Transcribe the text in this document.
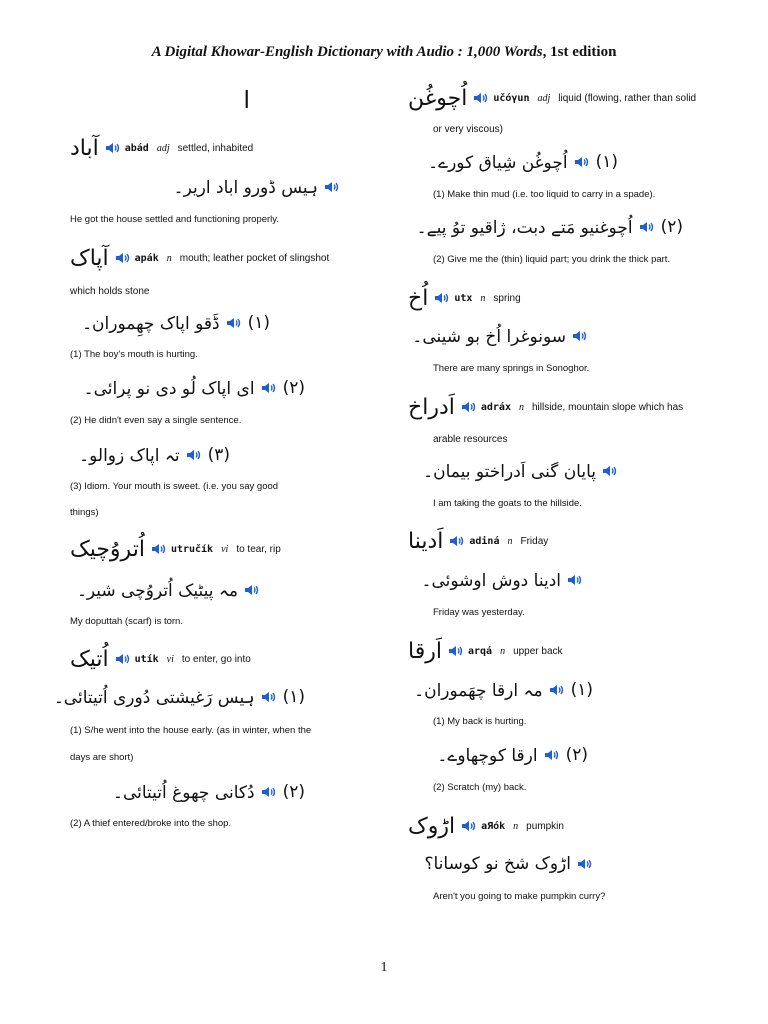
A Digital Khowar-English Dictionary with Audio : 1,000 Words, 1st edition
ا
آباد	abád adj settled, inhabited
ہیس ڈورو اباد اریر۔
He got the house settled and functioning properly.
آپاک	apák n mouth; leather pocket of slingshot
which holds stone
(١)
ڈَقو اپاک چھِموران۔
(1) The boy's mouth is hurting.
(٢)
ای اپاک لُو دی نو پرائی۔
(2) He didn't even say a single sentence.
(٣)
تہ اپاک زوالو۔
(3) Idiom. Your mouth is sweet. (i.e. you say good
things)
اُتروُچیک	utručík vi to tear, rip
مہ پیٹیک اُتروُچی شیر۔
My doputtah (scarf) is torn.
اُتیک	utík vi to enter, go into
(١)
ہیس رَغیشتی دُوری اُتیتائی۔
(1) S/he went into the house early. (as in winter, when the
days are short)
(٢)
دُکانی چھوغ اُتیتائی۔
(2) A thief entered/broke into the shop.
اُچوغُن	učóγun adj liquid (flowing, rather than solid
or very viscous)
(١)
اُچوغُن شِیاق کورے۔
(1) Make thin mud (i.e. too liquid to carry in a spade).
(٢)
اُچوغنیو مَتے دبت، ژاقیو توُ پیے۔
(2) Give me the (thin) liquid part; you drink the thick part.
اُخ	utx n spring
سونوغرا اُخ بو شینی۔
There are many springs in Sonoghor.
اَدراخ	adráx n hillside, mountain slope which has
arable resources
پایان گنی اَدراختو بیمان۔
I am taking the goats to the hillside.
اَدینا	adiná n Friday
ادینا دوش اوشوئی۔
Friday was yesterday.
اَرقا	arqá n upper back
(١)
مہ ارقا چھَموران۔
(1) My back is hurting.
(٢)
ارقا کوچھاوے۔
(2) Scratch (my) back.
اڑوک	aЯók n pumpkin
اڑوک شخ نو کوسانا؟
Aren't you going to make pumpkin curry?
1
